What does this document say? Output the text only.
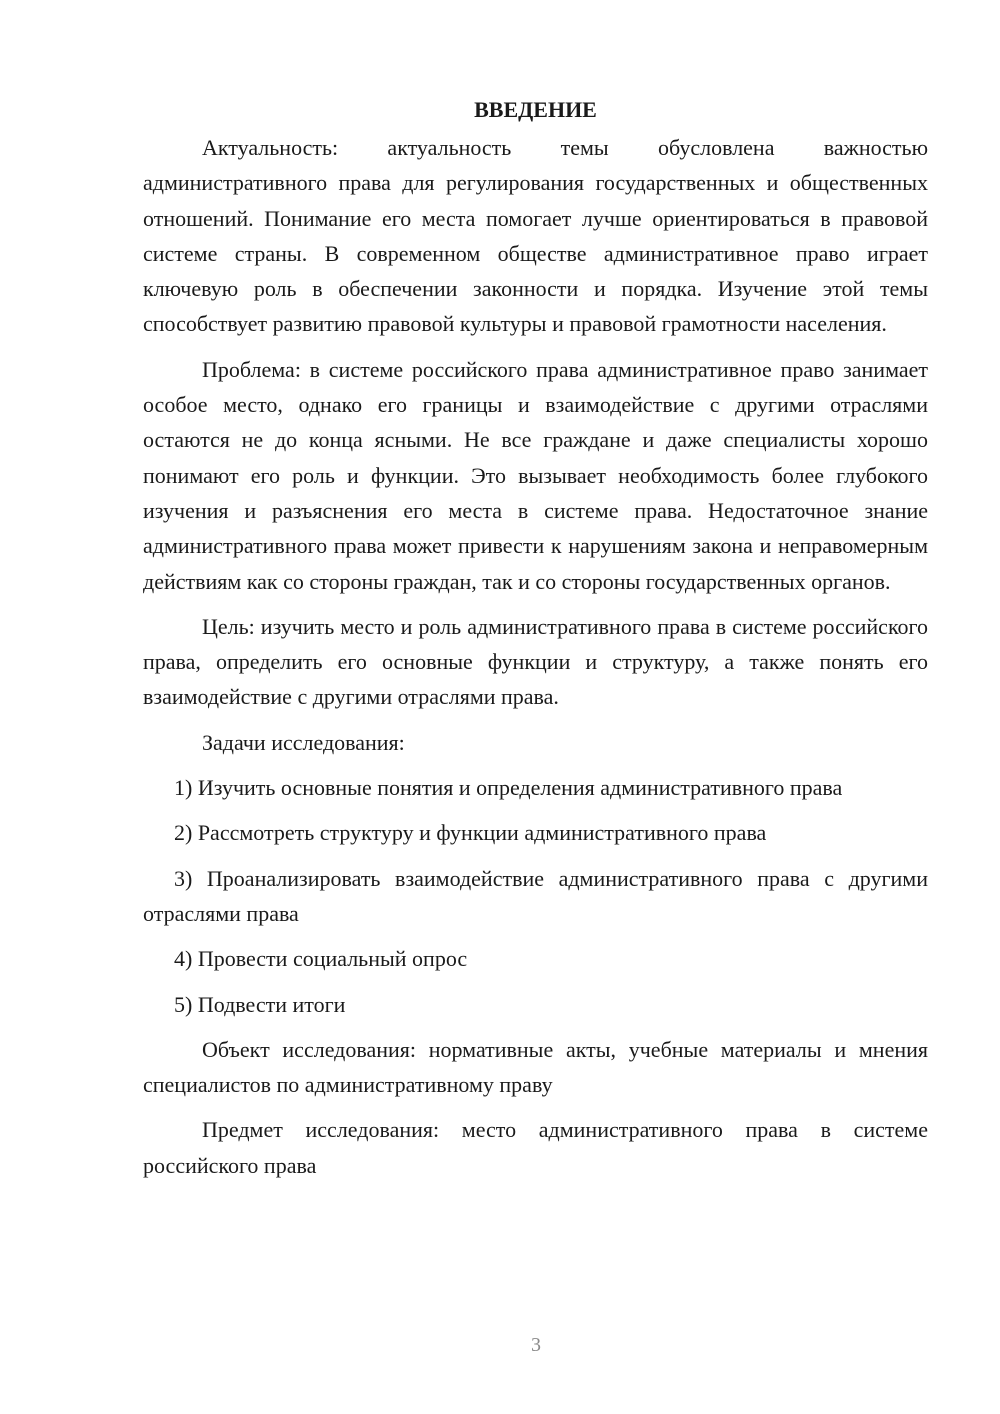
ВВЕДЕНИЕ

Актуальность: актуальность темы обусловлена важностью административного права для регулирования государственных и общественных отношений. Понимание его места помогает лучше ориентироваться в правовой системе страны. В современном обществе административное право играет ключевую роль в обеспечении законности и порядка. Изучение этой темы способствует развитию правовой культуры и правовой грамотности населения.

Проблема: в системе российского права административное право занимает особое место, однако его границы и взаимодействие с другими отраслями остаются не до конца ясными. Не все граждане и даже специалисты хорошо понимают его роль и функции. Это вызывает необходимость более глубокого изучения и разъяснения его места в системе права. Недостаточное знание административного права может привести к нарушениям закона и неправомерным действиям как со стороны граждан, так и со стороны государственных органов.

Цель: изучить место и роль административного права в системе российского права, определить его основные функции и структуру, а также понять его взаимодействие с другими отраслями права.

Задачи исследования:

1) Изучить основные понятия и определения административного права

2) Рассмотреть структуру и функции административного права

3) Проанализировать взаимодействие административного права с другими отраслями права

4) Провести социальный опрос

5) Подвести итоги

Объект исследования: нормативные акты, учебные материалы и мнения специалистов по административному праву

Предмет исследования: место административного права в системе российского права

3
